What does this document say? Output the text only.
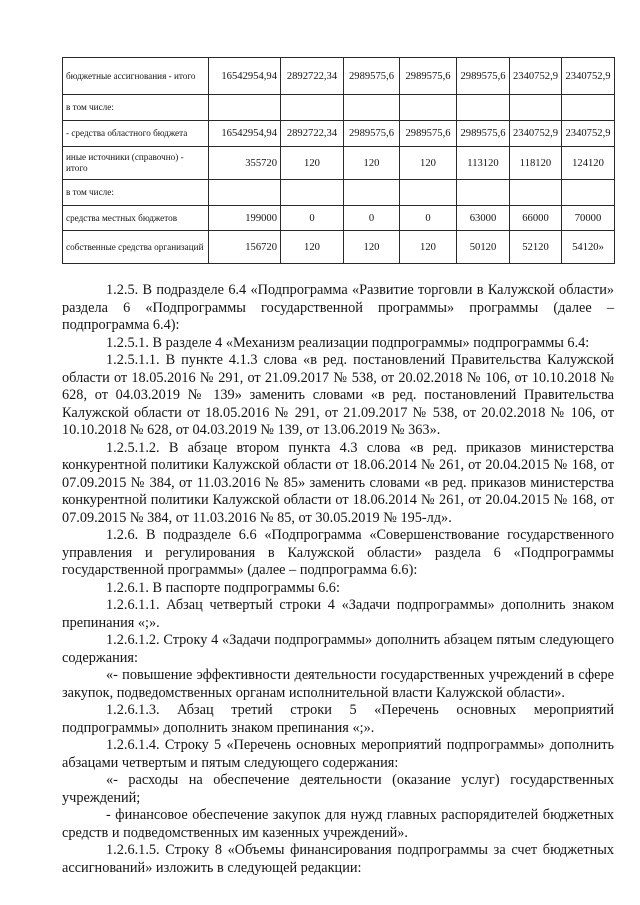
бюджетные ассигнования - итого	16542954,94	2892722,34	2989575,6	2989575,6	2989575,6	2340752,9	2340752,9
в том числе:							
- средства областного бюджета	16542954,94	2892722,34	2989575,6	2989575,6	2989575,6	2340752,9	2340752,9
иные источники (справочно) - итого	355720	120	120	120	113120	118120	124120
в том числе:							
средства местных бюджетов	199000	0	0	0	63000	66000	70000
собственные средства организаций	156720	120	120	120	50120	52120	54120»

1.2.5. В подразделе 6.4 «Подпрограмма «Развитие торговли в Калужской области» раздела 6 «Подпрограммы государственной программы» программы (далее – подпрограмма 6.4):

1.2.5.1. В разделе 4 «Механизм реализации подпрограммы» подпрограммы 6.4:

1.2.5.1.1. В пункте 4.1.3 слова «в ред. постановлений Правительства Калужской области от 18.05.2016 № 291, от 21.09.2017 № 538, от 20.02.2018 № 106, от 10.10.2018 № 628, от 04.03.2019 № 139» заменить словами «в ред. постановлений Правительства Калужской области от 18.05.2016 № 291, от 21.09.2017 № 538, от 20.02.2018 № 106, от 10.10.2018 № 628, от 04.03.2019 № 139, от 13.06.2019 № 363».

1.2.5.1.2. В абзаце втором пункта 4.3 слова «в ред. приказов министерства конкурентной политики Калужской области от 18.06.2014 № 261, от 20.04.2015 № 168, от 07.09.2015 № 384, от 11.03.2016 № 85» заменить словами «в ред. приказов министерства конкурентной политики Калужской области от 18.06.2014 № 261, от 20.04.2015 № 168, от 07.09.2015 № 384, от 11.03.2016 № 85, от 30.05.2019 № 195-лд».

1.2.6. В подразделе 6.6 «Подпрограмма «Совершенствование государственного управления и регулирования в Калужской области» раздела 6 «Подпрограммы государственной программы» (далее – подпрограмма 6.6):

1.2.6.1. В паспорте подпрограммы 6.6:

1.2.6.1.1. Абзац четвертый строки 4 «Задачи подпрограммы» дополнить знаком препинания «;».

1.2.6.1.2. Строку 4 «Задачи подпрограммы» дополнить абзацем пятым следующего содержания:

«- повышение эффективности деятельности государственных учреждений в сфере закупок, подведомственных органам исполнительной власти Калужской области».

1.2.6.1.3. Абзац третий строки 5 «Перечень основных мероприятий подпрограммы» дополнить знаком препинания «;».

1.2.6.1.4. Строку 5 «Перечень основных мероприятий подпрограммы» дополнить абзацами четвертым и пятым следующего содержания:

«- расходы на обеспечение деятельности (оказание услуг) государственных учреждений;

- финансовое обеспечение закупок для нужд главных распорядителей бюджетных средств и подведомственных им казенных учреждений».

1.2.6.1.5. Строку 8 «Объемы финансирования подпрограммы за счет бюджетных ассигнований» изложить в следующей редакции:
